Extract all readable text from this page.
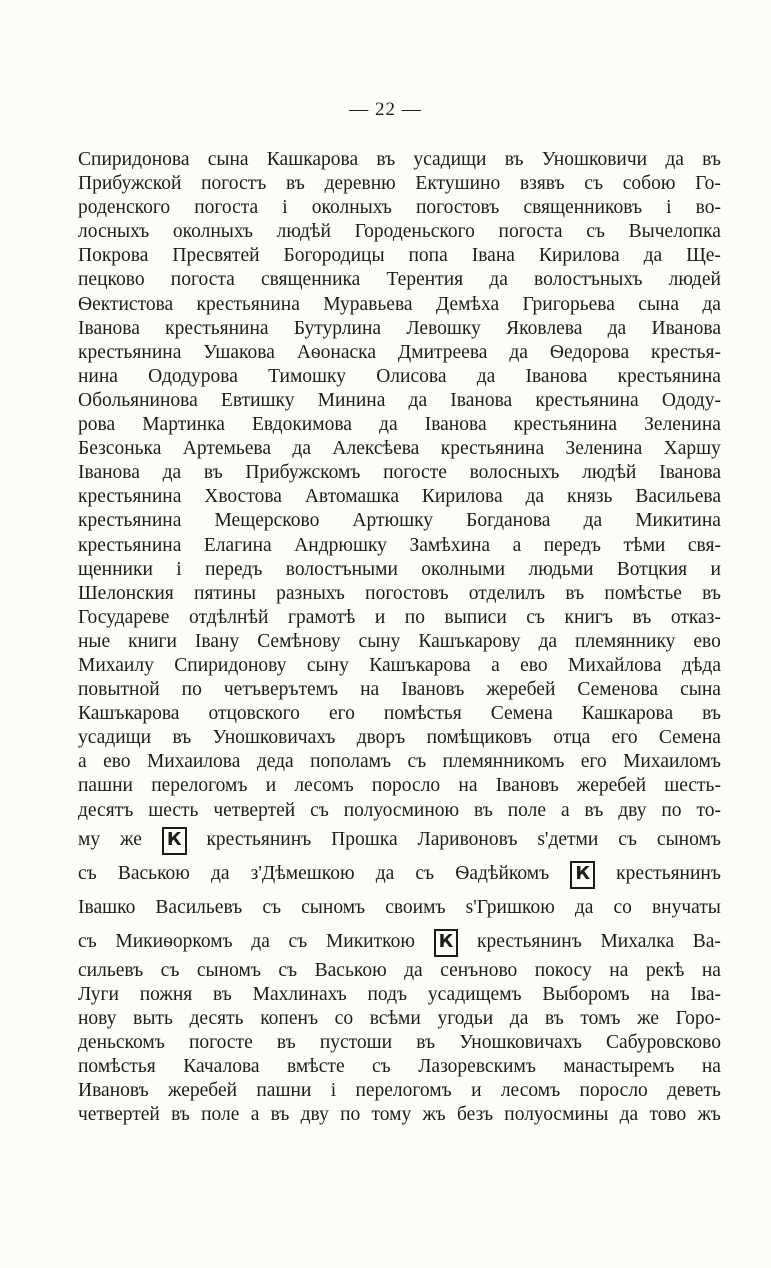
— 22 —
Спиридонова сына Кашкарова въ усадищи въ Уношковичи да въ
Прибужской погостъ въ деревню Ектушино взявъ съ собою Го-
роденского погоста і околныхъ погостовъ священниковъ і во-
лосныхъ околныхъ людѣй Городеньского погоста съ Вычелопка
Покрова Пресвятей Богородицы попа Івана Кирилова да Ще-
пецково погоста священника Терентия да волостъныхъ людей
Ѳектистова крестьянина Муравьева Демѣха Григорьева сына да
Іванова крестьянина Бутурлина Левошку Яковлева да Иванова
крестьянина Ушакова Аѳонаска Дмитреева да Ѳедорова крестья-
нина Ододурова Тимошку Олисова да Іванова крестьянина
Обольянинова Евтишку Минина да Іванова крестьянина Ододу-
рова Мартинка Евдокимова да Іванова крестьянина Зеленина
Безсонька Артемьева да Алексѣева крестьянина Зеленина Харшу
Іванова да въ Прибужскомъ погосте волосныхъ людѣй Іванова
крестьянина Хвостова Автомашка Кирилова да князь Васильева
крестьянина Мещерсково Артюшку Богданова да Микитина
крестьянина Елагина Андрюшку Замѣхина а передъ тѣми свя-
щенники і передъ волостъными околными людьми Вотцкия и
Шелонския пятины разныхъ погостовъ отделилъ въ помѣстье въ
Государеве отдѣлнѣй грамотѣ и по выписи съ книгъ въ отказ-
ные книги Івану Семѣнову сыну Кашъкарову да племяннику ево
Михаилу Спиридонову сыну Кашъкарова а ево Михайлова дѣда
повытной по четъверътемъ на Івановъ жеребей Семенова сына
Кашъкарова отцовского его помѣстья Семена Кашкарова въ
усадищи въ Уношковичахъ дворъ помѣщиковъ отца его Семена
а ево Михаилова деда пополамъ съ племянникомъ его Михаиломъ
пашни перелогомъ и лесомъ поросло на Івановъ жеребей шесть-
десятъ шесть четвертей съ полуосминою въ поле а въ дву по то-
му же К крестьянинъ Прошка Ларивоновъ ѕ'детми съ сыномъ
съ Ваською да з'Дѣмешкою да съ Ѳадѣйкомъ К крестьянинъ
Івашко Васильевъ съ сыномъ своимъ ѕ'Гришкою да со внучаты
съ Микиѳоркомъ да съ Микиткою К крестьянинъ Михалка Ва-
сильевъ съ сыномъ съ Ваською да сенъново покосу на рекѣ на
Луги пожня въ Махлинахъ подъ усадищемъ Выборомъ на Іва-
нову выть десять копенъ со всѣми угодьи да въ томъ же Горо-
деньскомъ погосте въ пустоши въ Уношковичахъ Сабуровсково
помѣстья Качалова вмѣсте съ Лазоревскимъ манастыремъ на
Ивановъ жеребей пашни і перелогомъ и лесомъ поросло деветь
четвертей въ поле а въ дву по тому жъ безъ полуосмины да тово жъ
